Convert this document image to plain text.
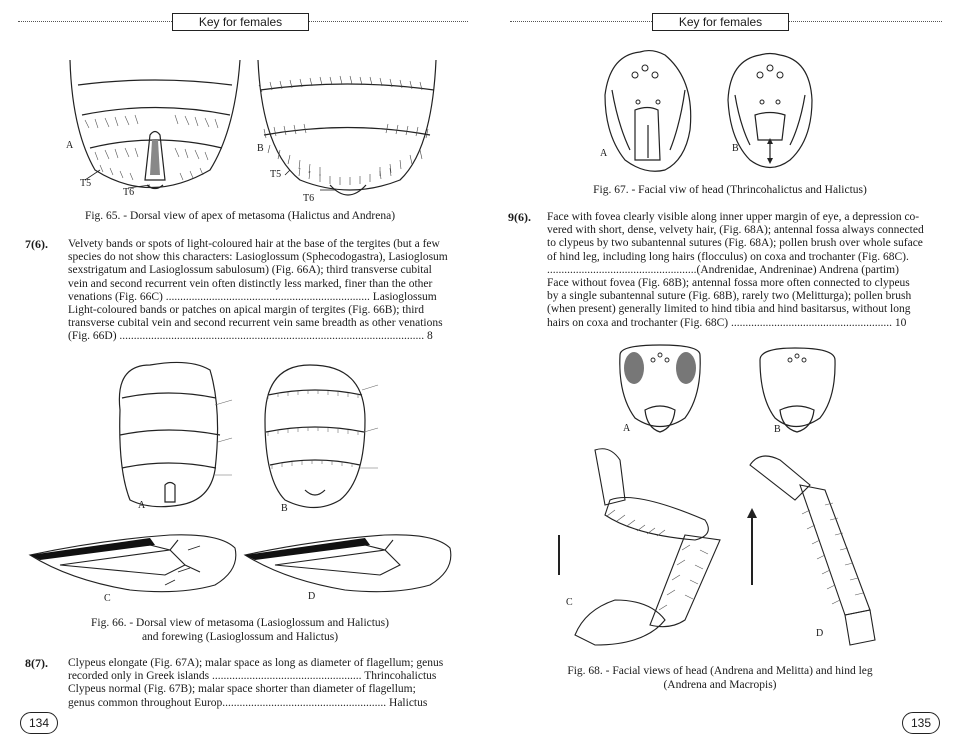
Key for females
A	B
T5
T6
T5
T6
Fig. 65. - Dorsal view of apex of metasoma (Halictus and Andrena)
7(6). Velvety bands or spots of light-coloured hair at the base of the tergites (but a few

species do not show this characters: Lasioglossum (Sphecodogastra), Lasioglosum

sexstrigatum and Lasioglossum sabulosum) (Fig. 66A); third transverse cubital

vein and second recurrent vein often distinctly less marked, finer than the other

venations (Fig. 66C) ....................................................................... Lasioglossum

Light-coloured bands or patches on apical margin of tergites (Fig. 66B); third

transverse cubital vein and second recurrent vein same breadth as other venations

(Fig. 66D) .......................................................................................................... 8

A	B
C	D
Fig. 66. - Dorsal view of metasoma (Lasioglossum and Halictus)
and forewing (Lasioglossum and Halictus)
8(7). Clypeus elongate (Fig. 67A); malar space as long as diameter of flagellum; genus

recorded only in Greek islands .................................................... Thrincohalictus

Clypeus normal (Fig. 67B); malar space shorter than diameter of flagellum;

genus common throughout Europ......................................................... Halictus

134
Key for females
A	B
Fig. 67. - Facial viw of head (Thrincohalictus and Halictus)
9(6). Face with fovea clearly visible along inner upper margin of eye, a depression co-

vered with short, dense, velvety hair, (Fig. 68A); antennal fossa always connected

to clypeus by two subantennal sutures (Fig. 68A); pollen brush over whole suface

of hind leg, including long hairs (flocculus) on coxa and trochanter (Fig. 68C).

....................................................(Andrenidae, Andreninae) Andrena (partim)

Face without fovea (Fig. 68B); antennal fossa more often connected to clypeus

by a single subantennal suture (Fig. 68B), rarely two (Melitturga); pollen brush

(when present) generally limited to hind tibia and hind basitarsus, without long

hairs on coxa and trochanter (Fig. 68C) ........................................................ 10

A	B
C
D
Fig. 68. - Facial views of head (Andrena and Melitta) and hind leg
(Andrena and Macropis)
135
